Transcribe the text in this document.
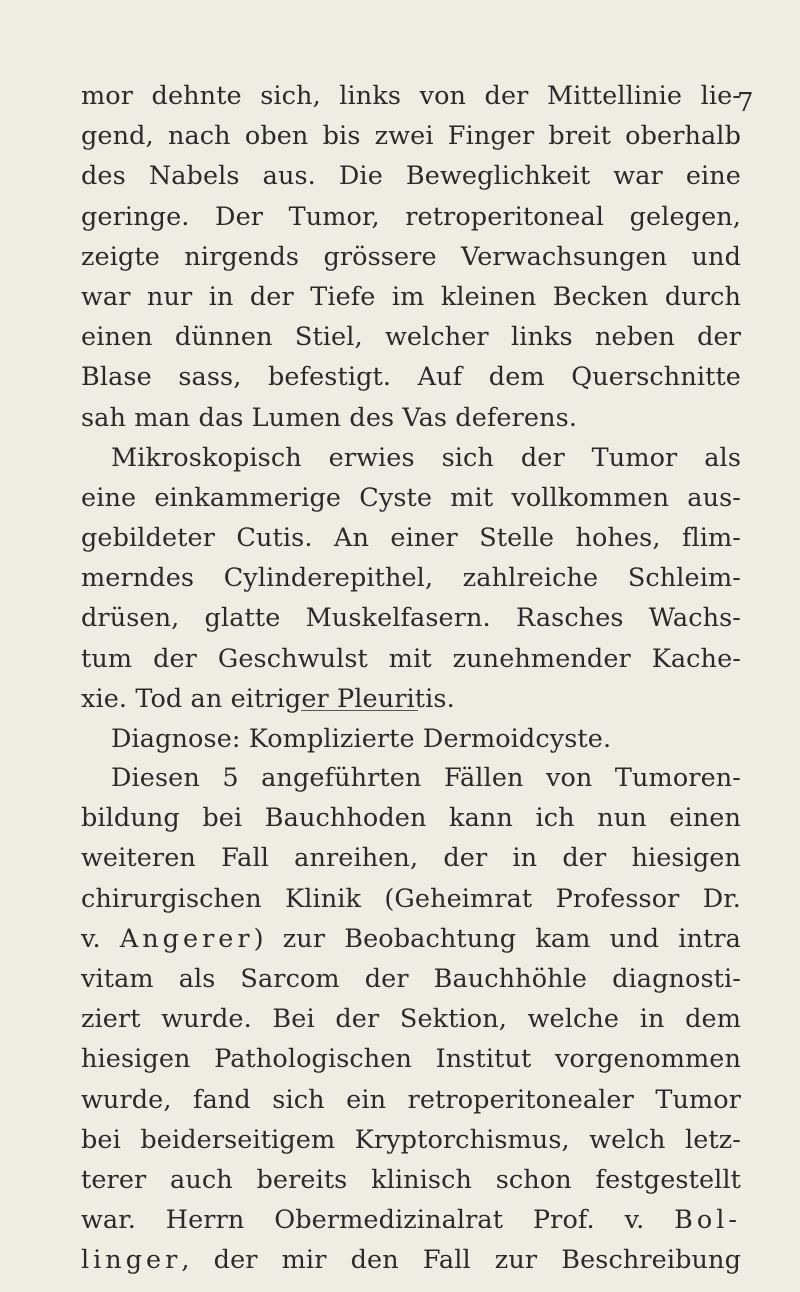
7
mor dehnte sich, links von der Mittellinie lie-
gend, nach oben bis zwei Finger breit oberhalb
des Nabels aus. Die Beweglichkeit war eine
geringe. Der Tumor, retroperitoneal gelegen,
zeigte nirgends grössere Verwachsungen und
war nur in der Tiefe im kleinen Becken durch
einen dünnen Stiel, welcher links neben der
Blase sass, befestigt. Auf dem Querschnitte
sah man das Lumen des Vas deferens.
Mikroskopisch erwies sich der Tumor als
eine einkammerige Cyste mit vollkommen aus-
gebildeter Cutis. An einer Stelle hohes, flim-
merndes Cylinderepithel, zahlreiche Schleim-
drüsen, glatte Muskelfasern. Rasches Wachs-
tum der Geschwulst mit zunehmender Kache-
xie. Tod an eitriger Pleuritis.
Diagnose: Komplizierte Dermoidcyste.
Diesen 5 angeführten Fällen von Tumoren-
bildung bei Bauchhoden kann ich nun einen
weiteren Fall anreihen, der in der hiesigen
chirurgischen Klinik (Geheimrat Professor Dr.
v. Angerer) zur Beobachtung kam und intra
vitam als Sarcom der Bauchhöhle diagnosti-
ziert wurde. Bei der Sektion, welche in dem
hiesigen Pathologischen Institut vorgenommen
wurde, fand sich ein retroperitonealer Tumor
bei beiderseitigem Kryptorchismus, welch letz-
terer auch bereits klinisch schon festgestellt
war. Herrn Obermedizinalrat Prof. v. Bol-
linger, der mir den Fall zur Beschreibung
